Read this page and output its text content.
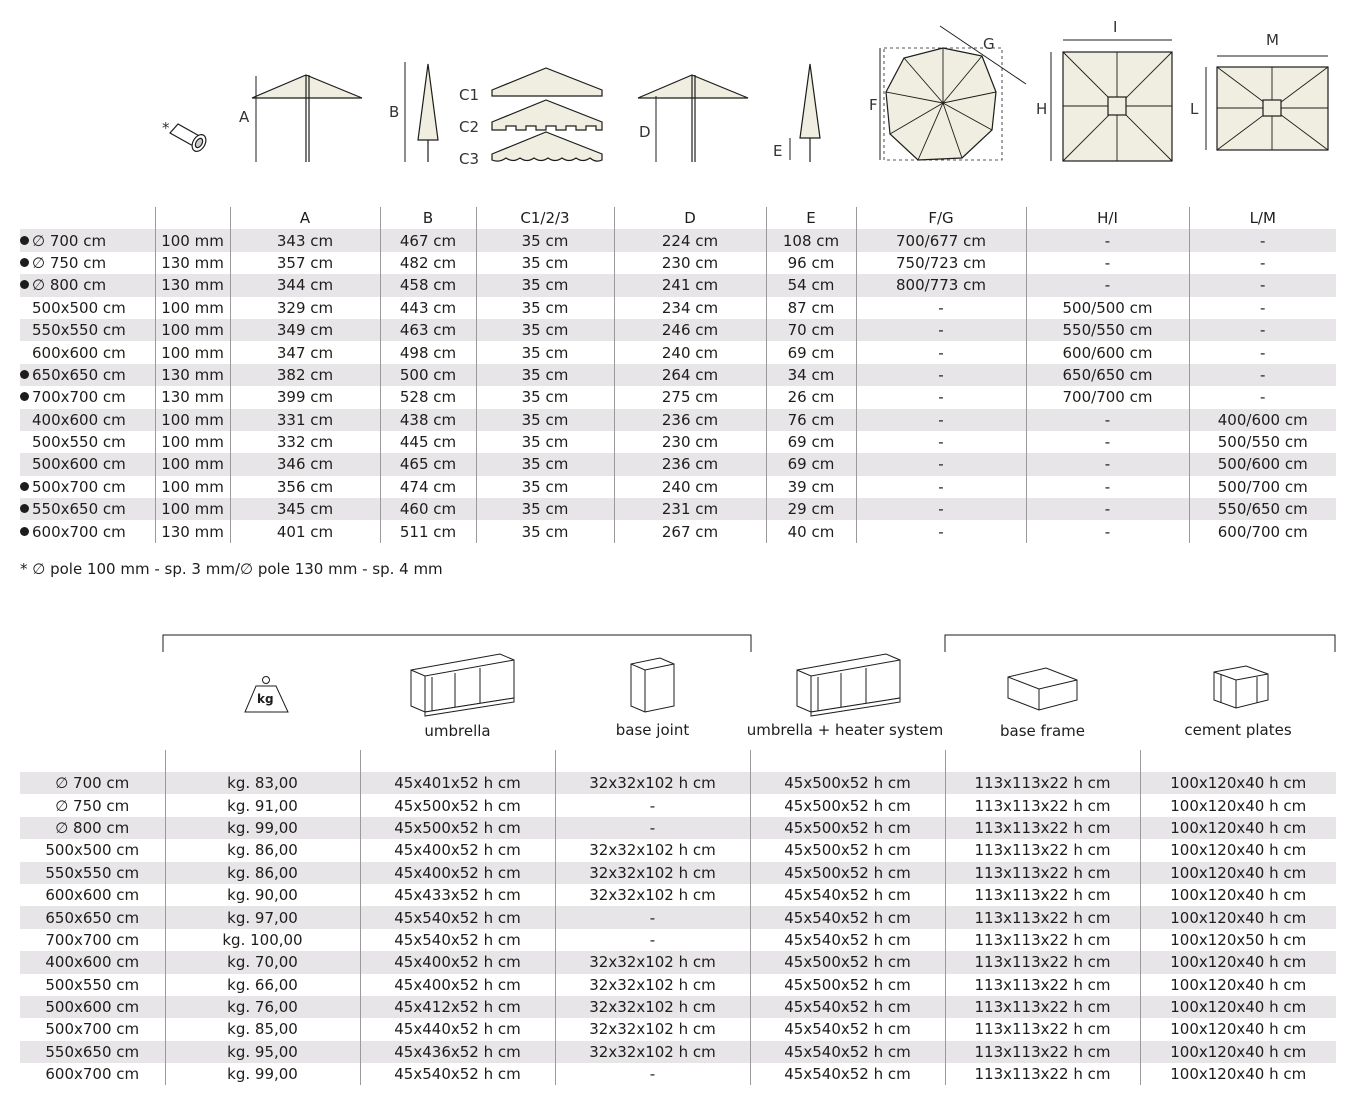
*
A	B
C1
C2
C3
D
E
F
G
H
I
L
M
		A	B	C1/2/3	D	E	F/G	H/I	L/M
∅ 700 cm	100 mm	343 cm	467 cm	35 cm	224 cm	108 cm	700/677 cm	-	-
∅ 750 cm	130 mm	357 cm	482 cm	35 cm	230 cm	96 cm	750/723 cm	-	-
∅ 800 cm	130 mm	344 cm	458 cm	35 cm	241 cm	54 cm	800/773 cm	-	-
500x500 cm	100 mm	329 cm	443 cm	35 cm	234 cm	87 cm	-	500/500 cm	-
550x550 cm	100 mm	349 cm	463 cm	35 cm	246 cm	70 cm	-	550/550 cm	-
600x600 cm	100 mm	347 cm	498 cm	35 cm	240 cm	69 cm	-	600/600 cm	-
650x650 cm	130 mm	382 cm	500 cm	35 cm	264 cm	34 cm	-	650/650 cm	-
700x700 cm	130 mm	399 cm	528 cm	35 cm	275 cm	26 cm	-	700/700 cm	-
400x600 cm	100 mm	331 cm	438 cm	35 cm	236 cm	76 cm	-	-	400/600 cm
500x550 cm	100 mm	332 cm	445 cm	35 cm	230 cm	69 cm	-	-	500/550 cm
500x600 cm	100 mm	346 cm	465 cm	35 cm	236 cm	69 cm	-	-	500/600 cm
500x700 cm	100 mm	356 cm	474 cm	35 cm	240 cm	39 cm	-	-	500/700 cm
550x650 cm	100 mm	345 cm	460 cm	35 cm	231 cm	29 cm	-	-	550/650 cm
600x700 cm	130 mm	401 cm	511 cm	35 cm	267 cm	40 cm	-	-	600/700 cm
* ∅ pole 100 mm - sp. 3 mm/∅ pole 130 mm - sp. 4 mm
kg
umbrella	base joint	umbrella + heater system	base frame	cement plates
∅ 700 cm	kg. 83,00	45x401x52 h cm	32x32x102 h cm	45x500x52 h cm	113x113x22 h cm	100x120x40 h cm
∅ 750 cm	kg. 91,00	45x500x52 h cm	-	45x500x52 h cm	113x113x22 h cm	100x120x40 h cm
∅ 800 cm	kg. 99,00	45x500x52 h cm	-	45x500x52 h cm	113x113x22 h cm	100x120x40 h cm
500x500 cm	kg. 86,00	45x400x52 h cm	32x32x102 h cm	45x500x52 h cm	113x113x22 h cm	100x120x40 h cm
550x550 cm	kg. 86,00	45x400x52 h cm	32x32x102 h cm	45x500x52 h cm	113x113x22 h cm	100x120x40 h cm
600x600 cm	kg. 90,00	45x433x52 h cm	32x32x102 h cm	45x540x52 h cm	113x113x22 h cm	100x120x40 h cm
650x650 cm	kg. 97,00	45x540x52 h cm	-	45x540x52 h cm	113x113x22 h cm	100x120x40 h cm
700x700 cm	kg. 100,00	45x540x52 h cm	-	45x540x52 h cm	113x113x22 h cm	100x120x50 h cm
400x600 cm	kg. 70,00	45x400x52 h cm	32x32x102 h cm	45x500x52 h cm	113x113x22 h cm	100x120x40 h cm
500x550 cm	kg. 66,00	45x400x52 h cm	32x32x102 h cm	45x500x52 h cm	113x113x22 h cm	100x120x40 h cm
500x600 cm	kg. 76,00	45x412x52 h cm	32x32x102 h cm	45x540x52 h cm	113x113x22 h cm	100x120x40 h cm
500x700 cm	kg. 85,00	45x440x52 h cm	32x32x102 h cm	45x540x52 h cm	113x113x22 h cm	100x120x40 h cm
550x650 cm	kg. 95,00	45x436x52 h cm	32x32x102 h cm	45x540x52 h cm	113x113x22 h cm	100x120x40 h cm
600x700 cm	kg. 99,00	45x540x52 h cm	-	45x540x52 h cm	113x113x22 h cm	100x120x40 h cm
